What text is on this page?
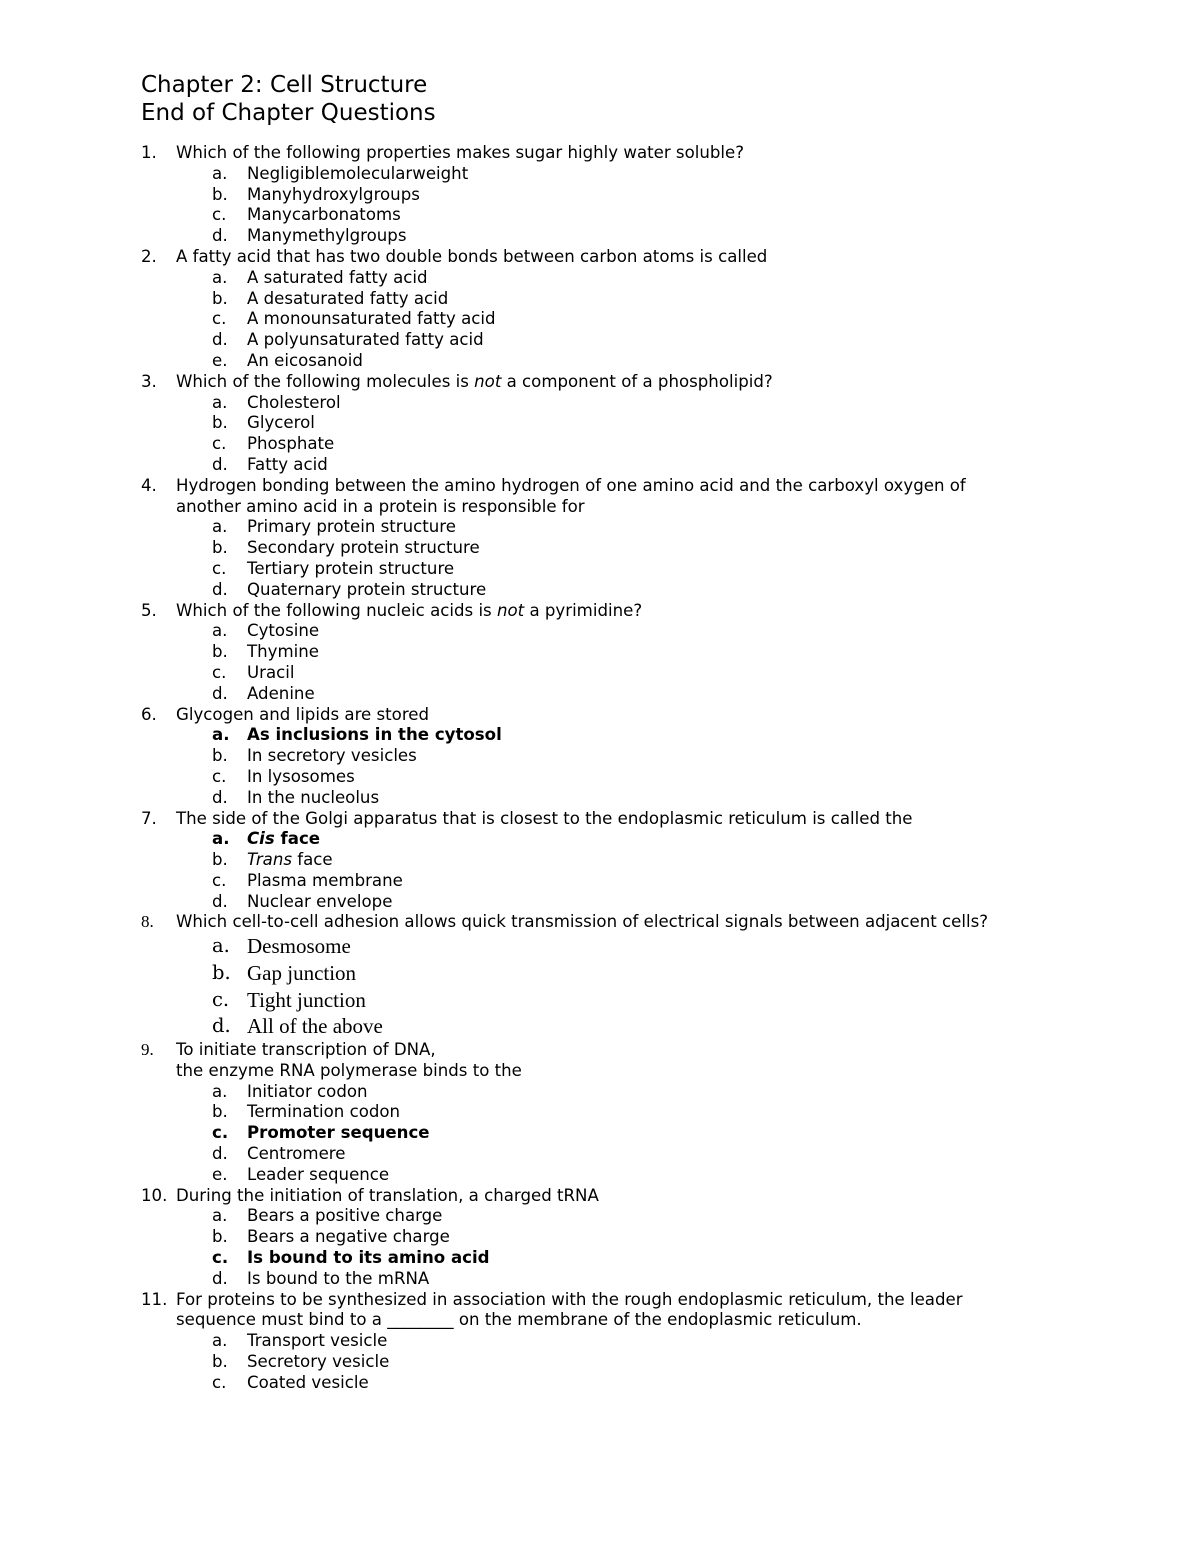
Chapter 2: Cell Structure
End of Chapter Questions
1. Which of the following properties makes sugar highly water soluble?
a. Negligiblemolecularweight
b. Manyhydroxylgroups
c. Manycarbonatoms
d. Manymethylgroups
2. A fatty acid that has two double bonds between carbon atoms is called
a. A saturated fatty acid
b. A desaturated fatty acid
c. A monounsaturated fatty acid
d. A polyunsaturated fatty acid
e. An eicosanoid
3. Which of the following molecules is not a component of a phospholipid?
a. Cholesterol
b. Glycerol
c. Phosphate
d. Fatty acid
4. Hydrogen bonding between the amino hydrogen of one amino acid and the carboxyl oxygen of
another amino acid in a protein is responsible for
a. Primary protein structure
b. Secondary protein structure
c. Tertiary protein structure
d. Quaternary protein structure
5. Which of the following nucleic acids is not a pyrimidine?
a. Cytosine
b. Thymine
c. Uracil
d. Adenine
6. Glycogen and lipids are stored
a. As inclusions in the cytosol
b. In secretory vesicles
c. In lysosomes
d. In the nucleolus
7. The side of the Golgi apparatus that is closest to the endoplasmic reticulum is called the
a. Cis face
b. Trans face
c. Plasma membrane
d. Nuclear envelope
8. Which cell-to-cell adhesion allows quick transmission of electrical signals between adjacent cells?
a. Desmosome
b. Gap junction
c. Tight junction
d. All of the above
9. To initiate transcription of DNA,
the enzyme RNA polymerase binds to the
a. Initiator codon
b. Termination codon
c. Promoter sequence
d. Centromere
e. Leader sequence
10. During the initiation of translation, a charged tRNA
a. Bears a positive charge
b. Bears a negative charge
c. Is bound to its amino acid
d. Is bound to the mRNA
11. For proteins to be synthesized in association with the rough endoplasmic reticulum, the leader
sequence must bind to a ________ on the membrane of the endoplasmic reticulum.
a. Transport vesicle
b. Secretory vesicle
c. Coated vesicle
